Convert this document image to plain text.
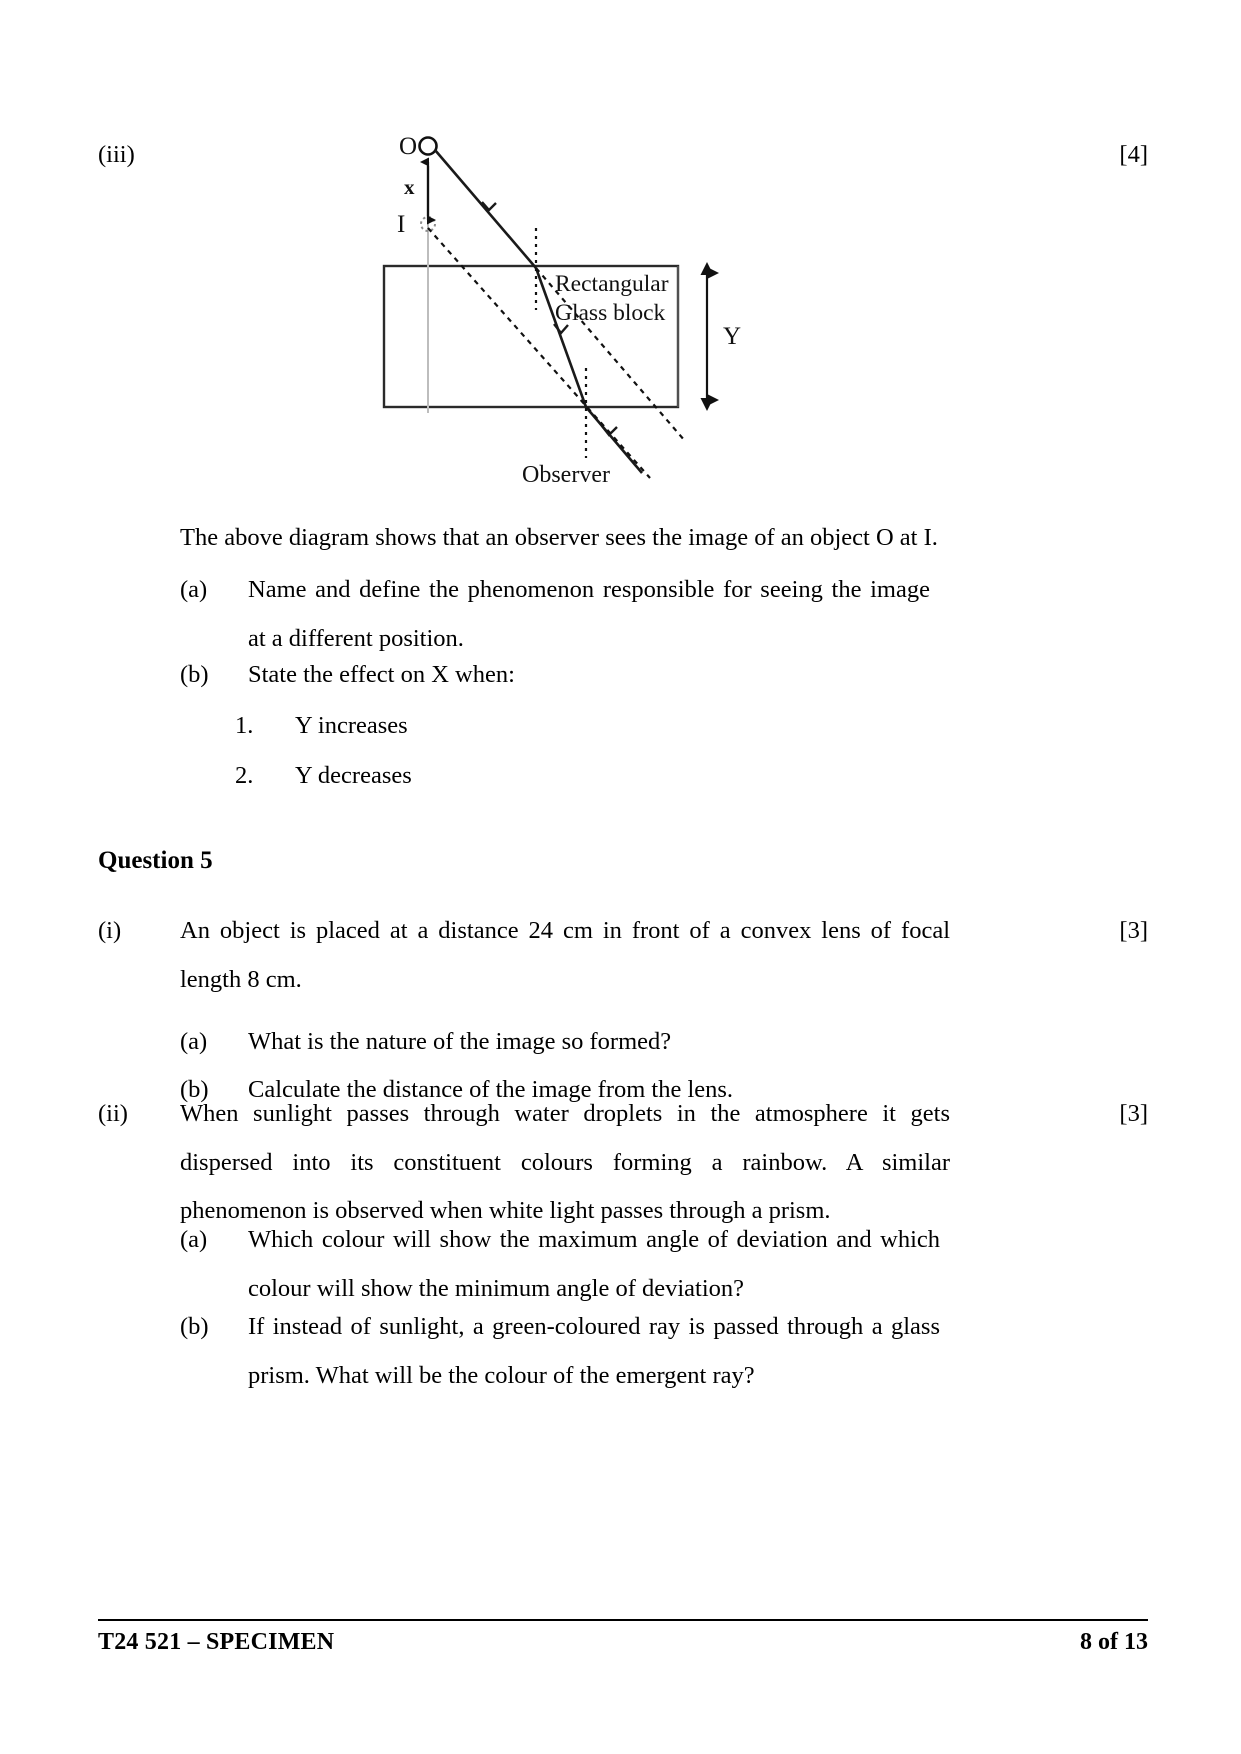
(iii)	[4]
O
I
x
Observer
Rectangular
Glass block
Y
The above diagram shows that an observer sees the image of an object O at I.
(a)	Name and define the phenomenon responsible for seeing the image at a different position.
(b)	State the effect on X when:
1.	Y increases
2.	Y decreases
Question 5
(i)	An object is placed at a distance 24 cm in front of a convex lens of focal length 8 cm.
[3]
(a)	What is the nature of the image so formed?
(b)	Calculate the distance of the image from the lens.
(ii)	When sunlight passes through water droplets in the atmosphere it gets dispersed into its constituent colours forming a rainbow. A similar phenomenon is observed when white light passes through a prism.
[3]
(a)	Which colour will show the maximum angle of deviation and which colour will show the minimum angle of deviation?
(b)	If instead of sunlight, a green-coloured ray is passed through a glass prism. What will be the colour of the emergent ray?
T24 521 – SPECIMEN	8 of 13
